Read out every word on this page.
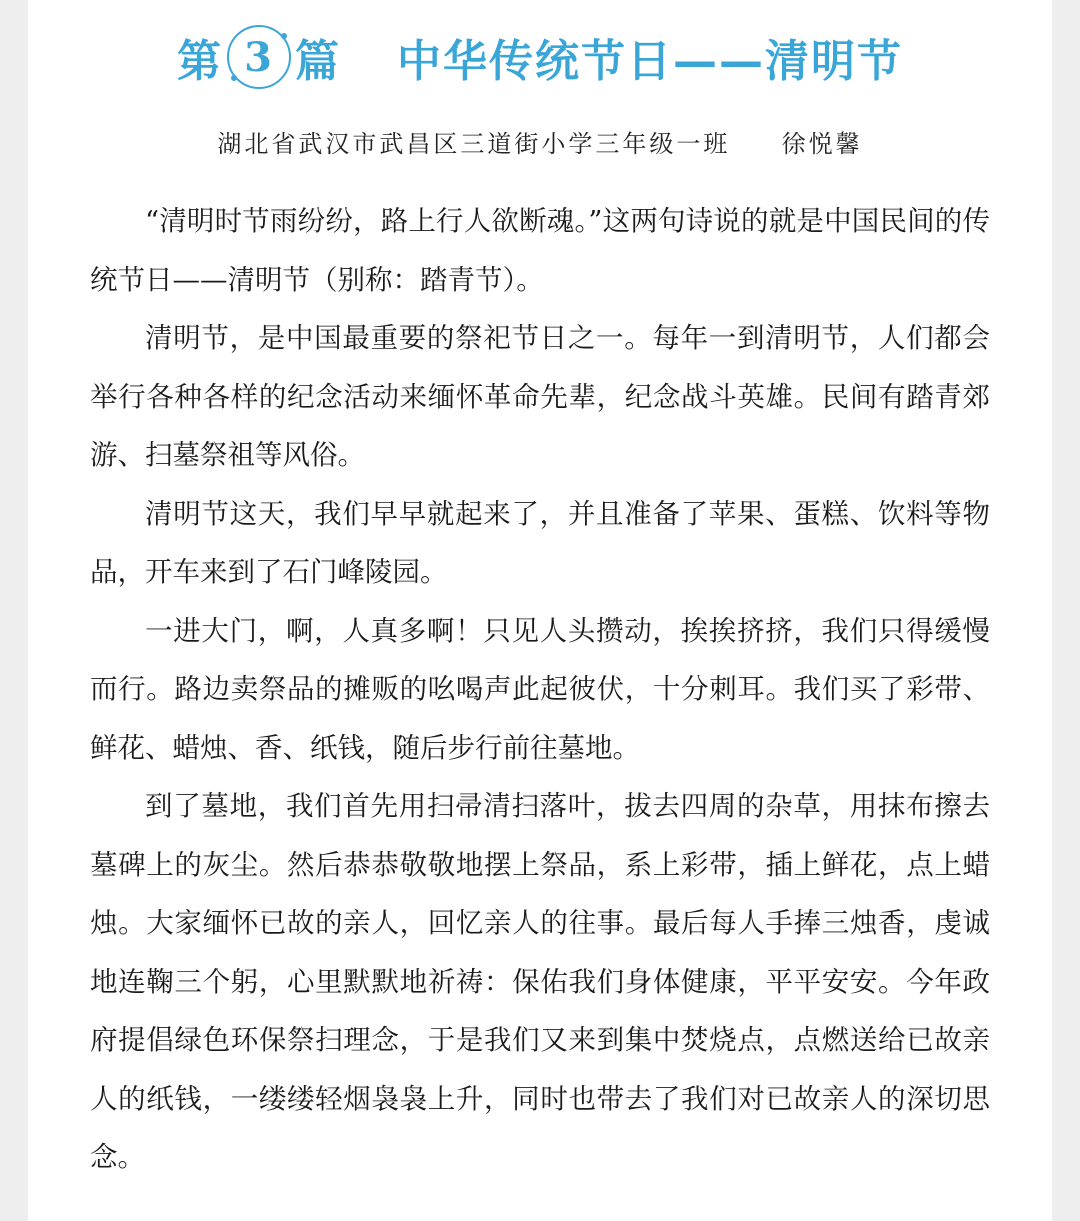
第 3 篇 中华传统节日——清明节
湖北省武汉市武昌区三道街小学三年级一班 徐悦馨

“清明时节雨纷纷，路上行人欲断魂。”这两句诗说的就是中国民间的传统节日——清明节（别称：踏青节）。

清明节，是中国最重要的祭祀节日之一。每年一到清明节，人们都会举行各种各样的纪念活动来缅怀革命先辈，纪念战斗英雄。民间有踏青郊游、扫墓祭祖等风俗。

清明节这天，我们早早就起来了，并且准备了苹果、蛋糕、饮料等物品，开车来到了石门峰陵园。

一进大门，啊，人真多啊！只见人头攒动，挨挨挤挤，我们只得缓慢而行。路边卖祭品的摊贩的吆喝声此起彼伏，十分刺耳。我们买了彩带、鲜花、蜡烛、香、纸钱，随后步行前往墓地。

到了墓地，我们首先用扫帚清扫落叶，拔去四周的杂草，用抹布擦去墓碑上的灰尘。然后恭恭敬敬地摆上祭品，系上彩带，插上鲜花，点上蜡烛。大家缅怀已故的亲人，回忆亲人的往事。最后每人手捧三烛香，虔诚地连鞠三个躬，心里默默地祈祷：保佑我们身体健康，平平安安。今年政府提倡绿色环保祭扫理念，于是我们又来到集中焚烧点，点燃送给已故亲人的纸钱，一缕缕轻烟袅袅上升，同时也带去了我们对已故亲人的深切思念。
